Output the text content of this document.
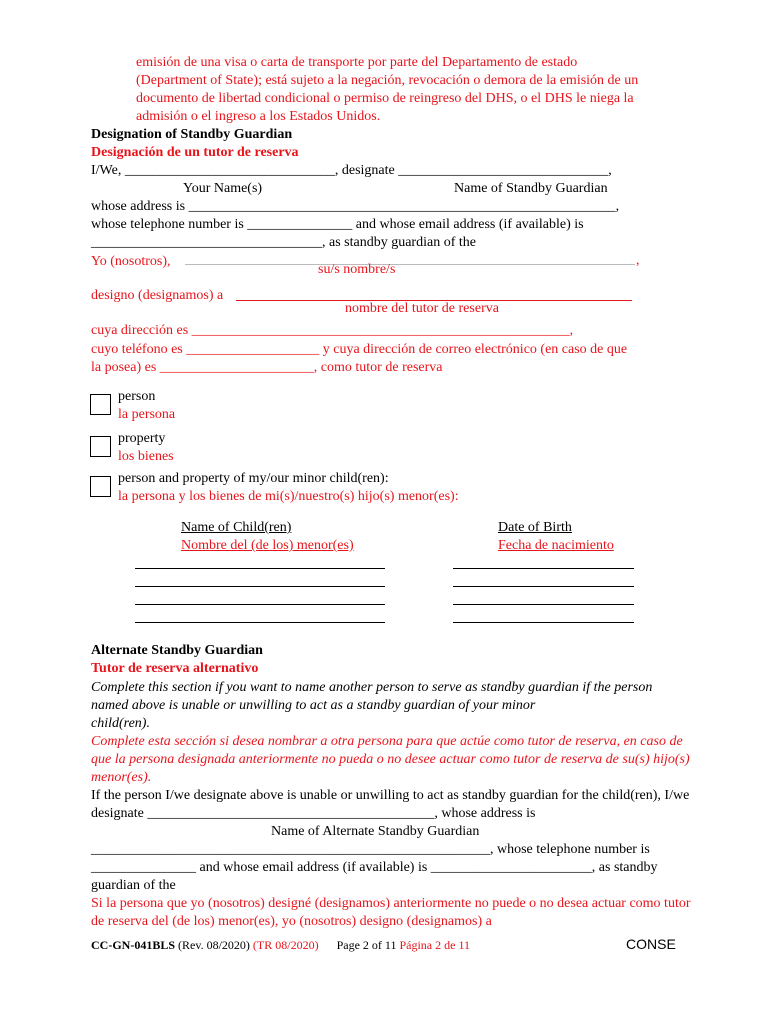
emisión de una visa o carta de transporte por parte del Departamento de estado
(Department of State); está sujeto a la negación, revocación o demora de la emisión de un
documento de libertad condicional o permiso de reingreso del DHS, o el DHS le niega la
admisión o el ingreso a los Estados Unidos.
Designation of Standby Guardian
Designación de un tutor de reserva
I/We, ______________________________, designate ______________________________,
Your Name(s)	Name of Standby Guardian
whose address is _____________________________________________________________,
whose telephone number is _______________ and whose email address (if available) is
_________________________________, as standby guardian of the
Yo (nosotros),	,
su/s nombre/s
designo (designamos) a
nombre del tutor de reserva
cuya dirección es ______________________________________________________,
cuyo teléfono es ___________________ y cuya dirección de correo electrónico (en caso de que
la posea) es ______________________, como tutor de reserva
person
la persona
property
los bienes
person and property of my/our minor child(ren):
la persona y los bienes de mi(s)/nuestro(s) hijo(s) menor(es):
Name of Child(ren)
Nombre del (de los) menor(es)
Date of Birth
Fecha de nacimiento
Alternate Standby Guardian
Tutor de reserva alternativo
Complete this section if you want to name another person to serve as standby guardian if the person
named above is unable or unwilling to act as a standby guardian of your minor
child(ren).
Complete esta sección si desea nombrar a otra persona para que actúe como tutor de reserva, en caso de
que la persona designada anteriormente no pueda o no desee actuar como tutor de reserva de su(s) hijo(s)
menor(es).
If the person I/we designate above is unable or unwilling to act as standby guardian for the child(ren), I/we
designate _________________________________________, whose address is
Name of Alternate Standby Guardian
_________________________________________________________, whose telephone number is
_______________ and whose email address (if available) is _______________________, as standby
guardian of the
Si la persona que yo (nosotros) designé (designamos) anteriormente no puede o no desea actuar como tutor
de reserva del (de los) menor(es), yo (nosotros) designo (designamos) a
CC-GN-041BLS (Rev. 08/2020) (TR 08/2020) Page 2 of 11 Página 2 de 11	CONSE
